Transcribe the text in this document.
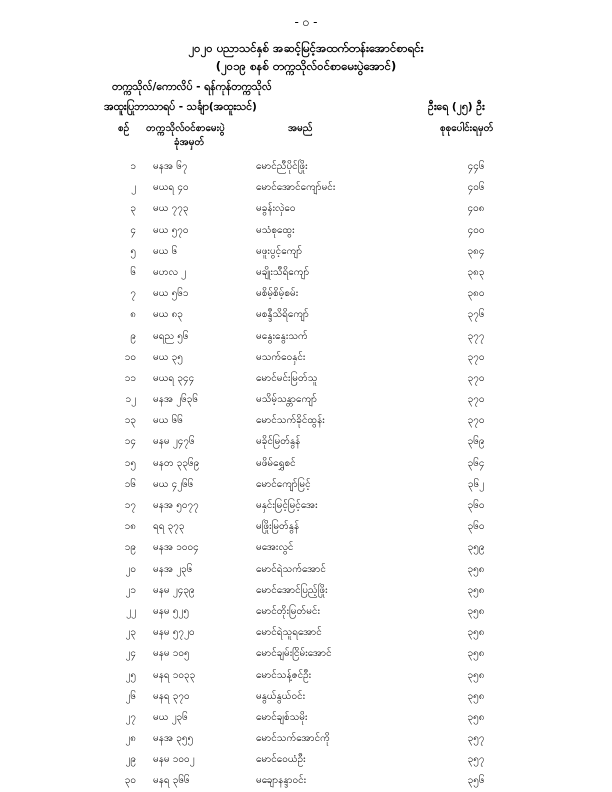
- ၀ -
၂၀၂၀ ပညာသင်နှစ် အဆင့်မြင့်အထက်တန်းအောင်စာရင်း
(၂၀၁၉ စနစ် တက္ကသိုလ်ဝင်စာမေးပွဲအောင်)
တက္ကသိုလ်/ကောလိပ် - ရန်ကုန်တက္ကသိုလ်
အထူးပြုဘာသာရပ် - သင်္ချာ(အထူးသင်)	ဦးရေ (၂၅) ဦး
စဉ် တက္ကသိုလ်ဝင်စာမေးပွဲ
ခုံအမှတ်
အမည်	စုစုပေါင်းရမှတ်
၁ မနအ ၆၇	မောင်ညီပိုင်ဖြိုး	၄၄၆
၂ မယရ ၄၀	မောင်အောင်ကျော်မင်း	၄၀၆
၃ မယ ၇၇၃	မခွန်းလှဲဝေ	၄၀၈
၄ မယ ၅၇၀	မသံစုထွေး	၄၀၀
၅ မယ ၆	မဖူးပွင့်ကျော်	၃၈၄
၆ မဟလ ၂	မချိုးသီရိကျော်	၃၈၃
၇ မယ ၅၆၁	မစိမ့်စိမ့်စမ်း	၃၈၀
၈ မယ ၈၃	မစန္ဒီသိရိကျော်	၃၇၆
၉ မရည ၅၆	မနွေးနွေးသက်	၃၇၇
၁၀ မယ ၃၅	မသက်ဝေနှင်း	၃၇၀
၁၁ မယရ ၃၄၄	မောင်မင်းမြတ်သူ	၃၇၀
၁၂ မနအ ၂၆၃၆	မသိမ့်သန္တာကျော်	၃၇၀
၁၃ မယ ၆၆	မောင်သက်ခိုင်ထွန်း	၃၇၀
၁၄ မနမ ၂၄၇၆	မခိုင်မြတ်နွန်	၃၆၉
၁၅ မနတ ၃၃၆၉	မဖိမ်ရွှေစင်	၃၆၄
၁၆ မယ ၄၂၆၆	မောင်ကျော်မြင့်	၃၆၂
၁၇ မနအ ၅၀၇၇	မနှင်းမြင့်မြင့်အေး	၃၆၀
၁၈ ရရ ၃၇၃	မဖြိုးမြတ်နွန်	၃၆၀
၁၉ မနအ ၁၀၀၄	မအေးလွင်	၃၅၉
၂၀ မနအ ၂၃၆	မောင်ရဲသက်အောင်	၃၅၈
၂၁ မနမ ၂၄၃၉	မောင်အောင်ပြည့်ဖြိုး	၃၅၈
၂၂ မနမ ၅၂၅	မောင်တိုးမြတ်မင်း	၃၅၈
၂၃ မနမ ၅၇၂၀	မောင်ရဲသူရအောင်	၃၅၈
၂၄ မနမ ၁၀၅	မောင်ချမ်းငြိမ်းအောင်	၃၅၈
၂၅ မနရ ၁၀၃၃	မောင်သန့်ဇင်ဦး	၃၅၈
၂၆ မနရ ၃၇၀	မနွယ်နွယ်ဝင်း	၃၅၈
၂၇ မယ ၂၃၆	မောင်ချစ်သမိုး	၃၅၈
၂၈ မနအ ၃၅၅	မောင်သက်အောင်ကို	၃၅၇
၂၉ မနမ ၁၀၀၂	မောင်ဝေယံဦး	၃၅၇
၃၀ မနရ ၃၆၆	မချောနန္ဒာဝင်း	၃၅၆
